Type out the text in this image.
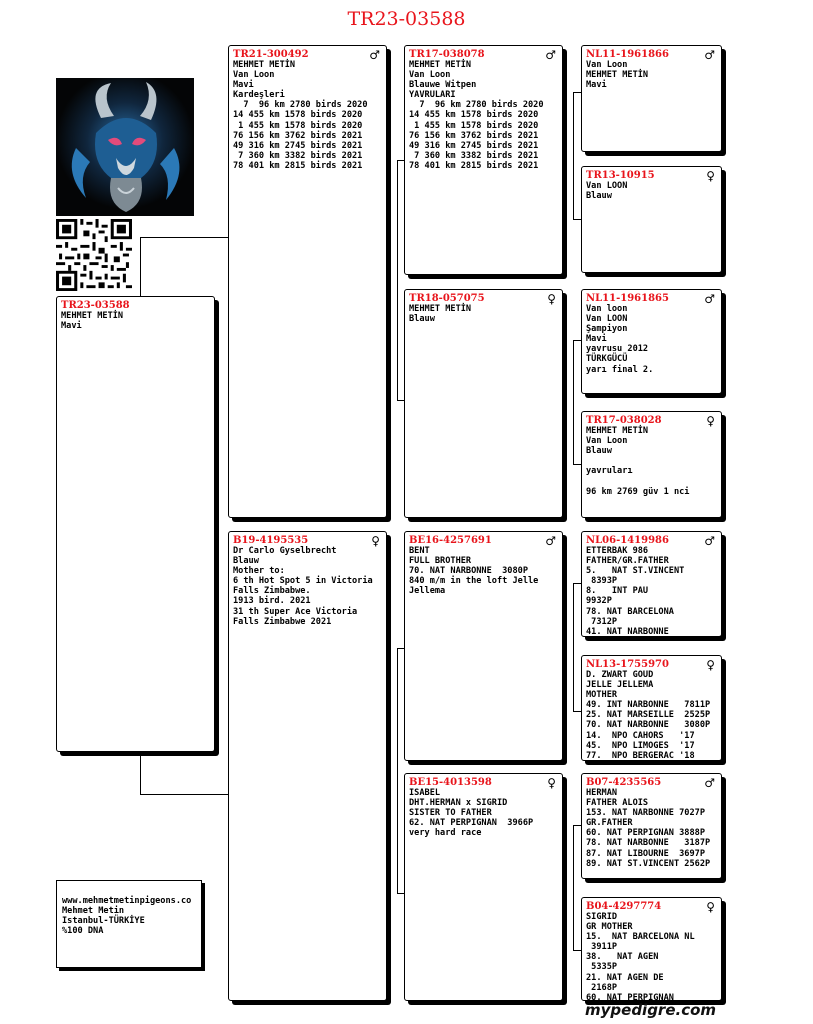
TR23-03588
TR23-03588
MEHMET METİN
Mavi
TR21-300492	♂
MEHMET METİN
Van Loon
Mavi
Kardeşleri
7  96 km 2780 birds 2020
14 455 km 1578 birds 2020
1 455 km 1578 birds 2020
76 156 km 3762 birds 2021
49 316 km 2745 birds 2021
7 360 km 3382 birds 2021
78 401 km 2815 birds 2021
B19-4195535	♀
Dr Carlo Gyselbrecht
Blauw
Mother to:
6 th Hot Spot 5 in Victoria
Falls Zimbabwe.
1913 bird. 2021
31 th Super Ace Victoria
Falls Zimbabwe 2021
TR17-038078	♂
MEHMET METİN
Van Loon
Blauwe Witpen
YAVRULARI
7  96 km 2780 birds 2020
14 455 km 1578 birds 2020
1 455 km 1578 birds 2020
76 156 km 3762 birds 2021
49 316 km 2745 birds 2021
7 360 km 3382 birds 2021
78 401 km 2815 birds 2021
TR18-057075	♀
MEHMET METİN
Blauw
BE16-4257691	♂
BENT
FULL BROTHER
70. NAT NARBONNE  3080P
840 m/m in the loft Jelle
Jellema
BE15-4013598	♀
ISABEL
DHT.HERMAN x SIGRID
SISTER TO FATHER
62. NAT PERPIGNAN  3966P
very hard race
NL11-1961866	♂
Van Loon
MEHMET METİN
Mavi
TR13-10915	♀
Van LOON
Blauw
NL11-1961865	♂
Van loon
Van LOON
Şampiyon
Mavi
yavrusu 2012
TÜRKGÜCÜ
yarı final 2.
TR17-038028	♀
MEHMET METİN
Van Loon
Blauw

yavruları

96 km 2769 güv 1 nci
NL06-1419986	♂
ETTERBAK 986
FATHER/GR.FATHER
5.   NAT ST.VINCENT
8393P
8.   INT PAU
9932P
78. NAT BARCELONA
7312P
41. NAT NARBONNE
NL13-1755970	♀
D. ZWART GOUD
JELLE JELLEMA
MOTHER
49. INT NARBONNE   7811P
25. NAT MARSEILLE  2525P
70. NAT NARBONNE   3080P
14.  NPO CAHORS   '17
45.  NPO LIMOGES  '17
77.  NPO BERGERAC '18
B07-4235565	♂
HERMAN
FATHER ALOIS
153. NAT NARBONNE 7027P
GR.FATHER
60. NAT PERPIGNAN 3888P
78. NAT NARBONNE   3187P
87. NAT LIBOURNE  3697P
89. NAT ST.VINCENT 2562P
B04-4297774	♀
SIGRID
GR MOTHER
15.  NAT BARCELONA NL
3911P
38.   NAT AGEN
5335P
21. NAT AGEN DE
2168P
60. NAT PERPIGNAN
www.mehmetmetinpigeons.co
Mehmet Metin
Istanbul-TÜRKİYE
%100 DNA
mypedigre.com
